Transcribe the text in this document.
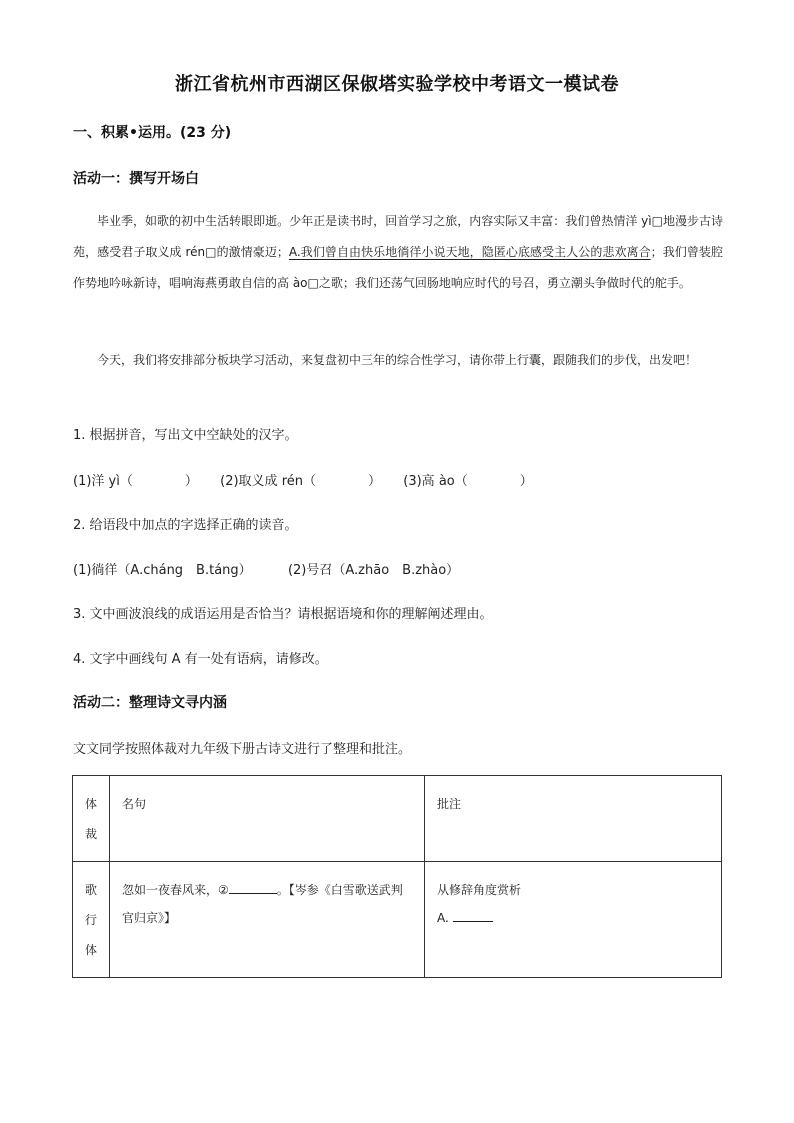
浙江省杭州市西湖区保俶塔实验学校中考语文一模试卷
一、积累•运用。(23 分)
活动一：撰写开场白
毕业季，如歌的初中生活转眼即逝。少年正是读书时，回首学习之旅，内容实际又丰富：我们曾热情洋 yì□地漫步古诗苑，感受君子取义成 rén□的激情豪迈；A.我们曾自由快乐地徜徉小说天地，隐匿心底感受主人公的悲欢离合；我们曾装腔作势地吟咏新诗，唱响海燕勇敢自信的高 ào□之歌；我们还荡气回肠地响应时代的号召，勇立潮头争做时代的舵手。
今天，我们将安排部分板块学习活动，来复盘初中三年的综合性学习，请你带上行囊，跟随我们的步伐，出发吧！
1. 根据拼音，写出文中空缺处的汉字。
(1)洋 yì（　　　　） (2)取义成 rén（　　　　） (3)高 ào（　　　　）
2. 给语段中加点的字选择正确的读音。
(1)徜徉（A.cháng　B.táng）	(2)号召（A.zhāo　B.zhào）
3. 文中画波浪线的成语运用是否恰当？请根据语境和你的理解阐述理由。
4. 文字中画线句 A 有一处有语病，请修改。
活动二：整理诗文寻内涵
文文同学按照体裁对九年级下册古诗文进行了整理和批注。
体裁	名句	批注
歌行体	忽如一夜春风来，② 。【岑参《白雪歌送武判官归京》】	从修辞角度赏析
A.
